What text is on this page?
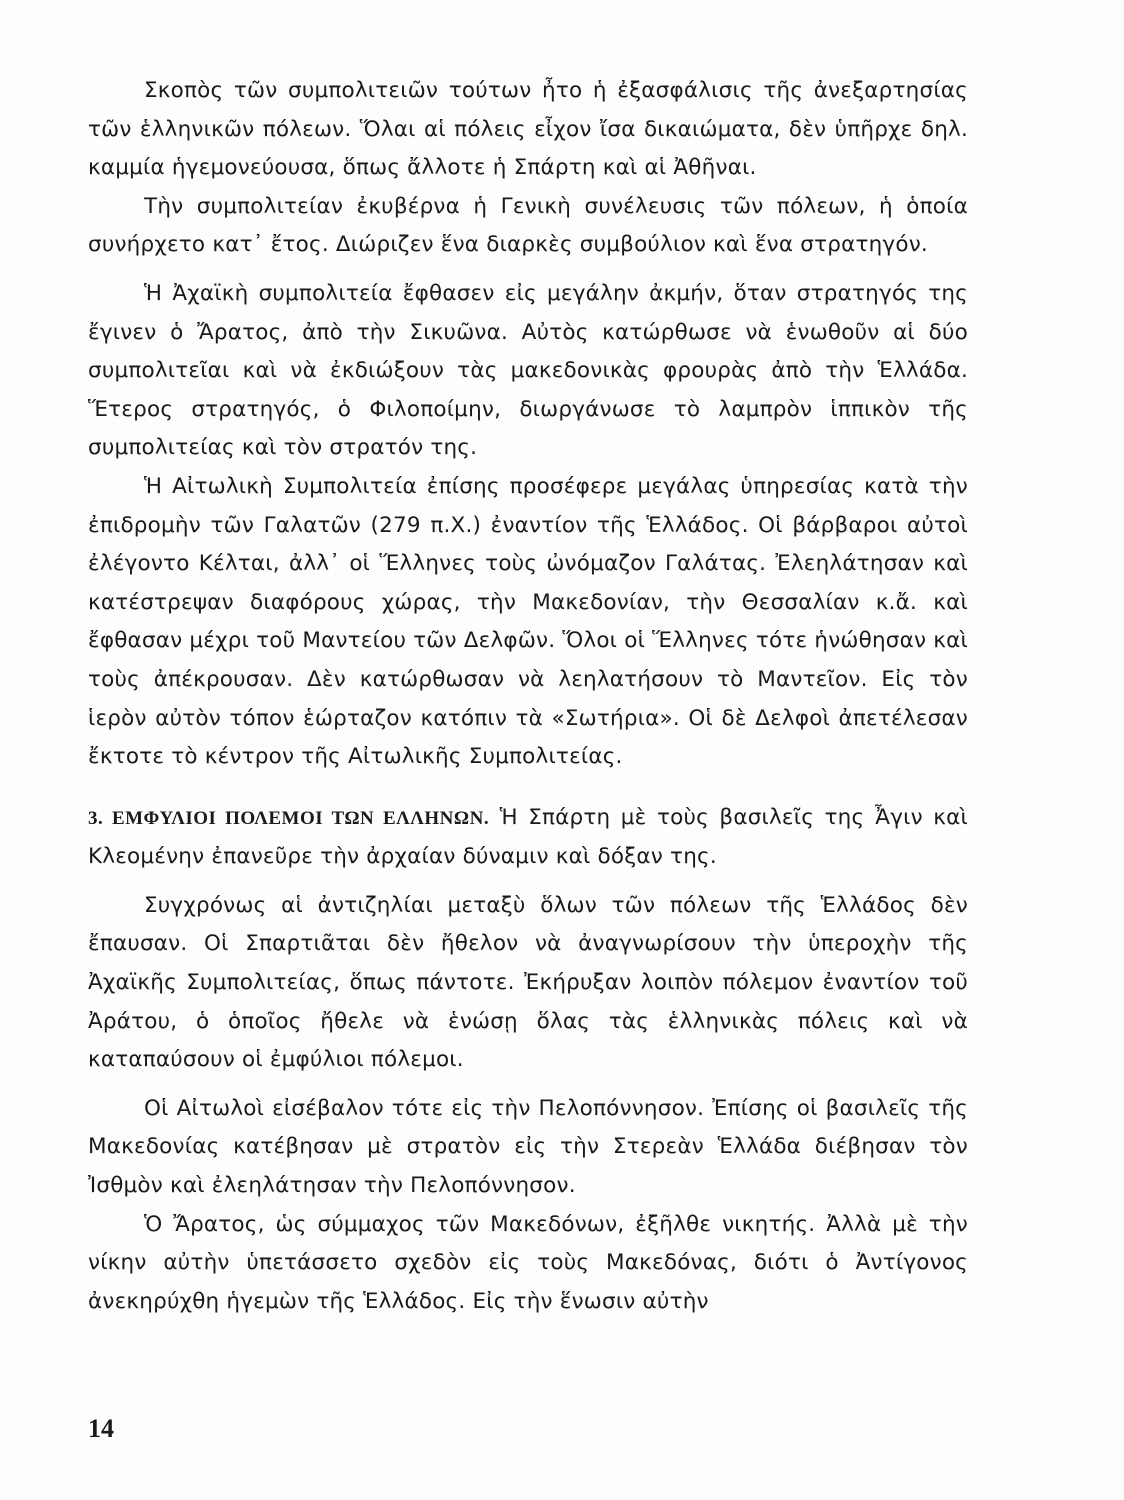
Σκοπὸς τῶν συμπολιτειῶν τούτων ἦτο ἡ ἐξασφάλισις τῆς ἀνεξαρτησίας τῶν ἑλληνικῶν πόλεων. Ὅλαι αἱ πόλεις εἶχον ἴσα δικαιώματα, δὲν ὑπῆρχε δηλ. καμμία ἡγεμονεύουσα, ὅπως ἄλλοτε ἡ Σπάρτη καὶ αἱ Ἀθῆναι.

Τὴν συμπολιτείαν ἐκυβέρνα ἡ Γενικὴ συνέλευσις τῶν πόλεων, ἡ ὁποία συνήρχετο κατ᾿ ἔτος. Διώριζεν ἕνα διαρκὲς συμβούλιον καὶ ἕνα στρατηγόν.

Ἡ Ἀχαϊκὴ συμπολιτεία ἔφθασεν εἰς μεγάλην ἀκμήν, ὅταν στρατηγός της ἔγινεν ὁ Ἄρατος, ἀπὸ τὴν Σικυῶνα. Αὐτὸς κατώρθωσε νὰ ἑνωθοῦν αἱ δύο συμπολιτεῖαι καὶ νὰ ἐκδιώξουν τὰς μακεδονικὰς φρουρὰς ἀπὸ τὴν Ἑλλάδα. Ἕτερος στρατηγός, ὁ Φιλοποίμην, διωργάνωσε τὸ λαμπρὸν ἱππικὸν τῆς συμπολιτείας καὶ τὸν στρατόν της.

Ἡ Αἰτωλικὴ Συμπολιτεία ἐπίσης προσέφερε μεγάλας ὑπηρεσίας κατὰ τὴν ἐπιδρομὴν τῶν Γαλατῶν (279 π.Χ.) ἐναντίον τῆς Ἑλλάδος. Οἱ βάρβαροι αὐτοὶ ἐλέγοντο Κέλται, ἀλλ᾿ οἱ Ἕλληνες τοὺς ὠνόμαζον Γαλάτας. Ἐλεηλάτησαν καὶ κατέστρεψαν διαφόρους χώρας, τὴν Μακεδονίαν, τὴν Θεσσαλίαν κ.ἄ. καὶ ἔφθασαν μέχρι τοῦ Μαντείου τῶν Δελφῶν. Ὅλοι οἱ Ἕλληνες τότε ἡνώθησαν καὶ τοὺς ἀπέκρουσαν. Δὲν κατώρθωσαν νὰ λεηλατήσουν τὸ Μαντεῖον. Εἰς τὸν ἱερὸν αὐτὸν τόπον ἑώρταζον κατόπιν τὰ «Σωτήρια». Οἱ δὲ Δελφοὶ ἀπετέλεσαν ἔκτοτε τὸ κέντρον τῆς Αἰτωλικῆς Συμπολιτείας.

3. ΕΜΦΥΛΙΟΙ ΠΟΛΕΜΟΙ ΤΩΝ ΕΛΛΗΝΩΝ. Ἡ Σπάρτη μὲ τοὺς βασιλεῖς της Ἆγιν καὶ Κλεομένην ἐπανεῦρε τὴν ἀρχαίαν δύναμιν καὶ δόξαν της.

Συγχρόνως αἱ ἀντιζηλίαι μεταξὺ ὅλων τῶν πόλεων τῆς Ἑλλάδος δὲν ἔπαυσαν. Οἱ Σπαρτιᾶται δὲν ἤθελον νὰ ἀναγνωρίσουν τὴν ὑπεροχὴν τῆς Ἀχαϊκῆς Συμπολιτείας, ὅπως πάντοτε. Ἐκήρυξαν λοιπὸν πόλεμον ἐναντίον τοῦ Ἀράτου, ὁ ὁποῖος ἤθελε νὰ ἑνώσῃ ὅλας τὰς ἑλληνικὰς πόλεις καὶ νὰ καταπαύσουν οἱ ἐμφύλιοι πόλεμοι.

Οἱ Αἰτωλοὶ εἰσέβαλον τότε εἰς τὴν Πελοπόννησον. Ἐπίσης οἱ βασιλεῖς τῆς Μακεδονίας κατέβησαν μὲ στρατὸν εἰς τὴν Στερεὰν Ἑλλάδα διέβησαν τὸν Ἰσθμὸν καὶ ἐλεηλάτησαν τὴν Πελοπόννησον.

Ὁ Ἄρατος, ὡς σύμμαχος τῶν Μακεδόνων, ἐξῆλθε νικητής. Ἀλλὰ μὲ τὴν νίκην αὐτὴν ὑπετάσσετο σχεδὸν εἰς τοὺς Μακεδόνας, διότι ὁ Ἀντίγονος ἀνεκηρύχθη ἡγεμὼν τῆς Ἑλλάδος. Εἰς τὴν ἕνωσιν αὐτὴν

14
